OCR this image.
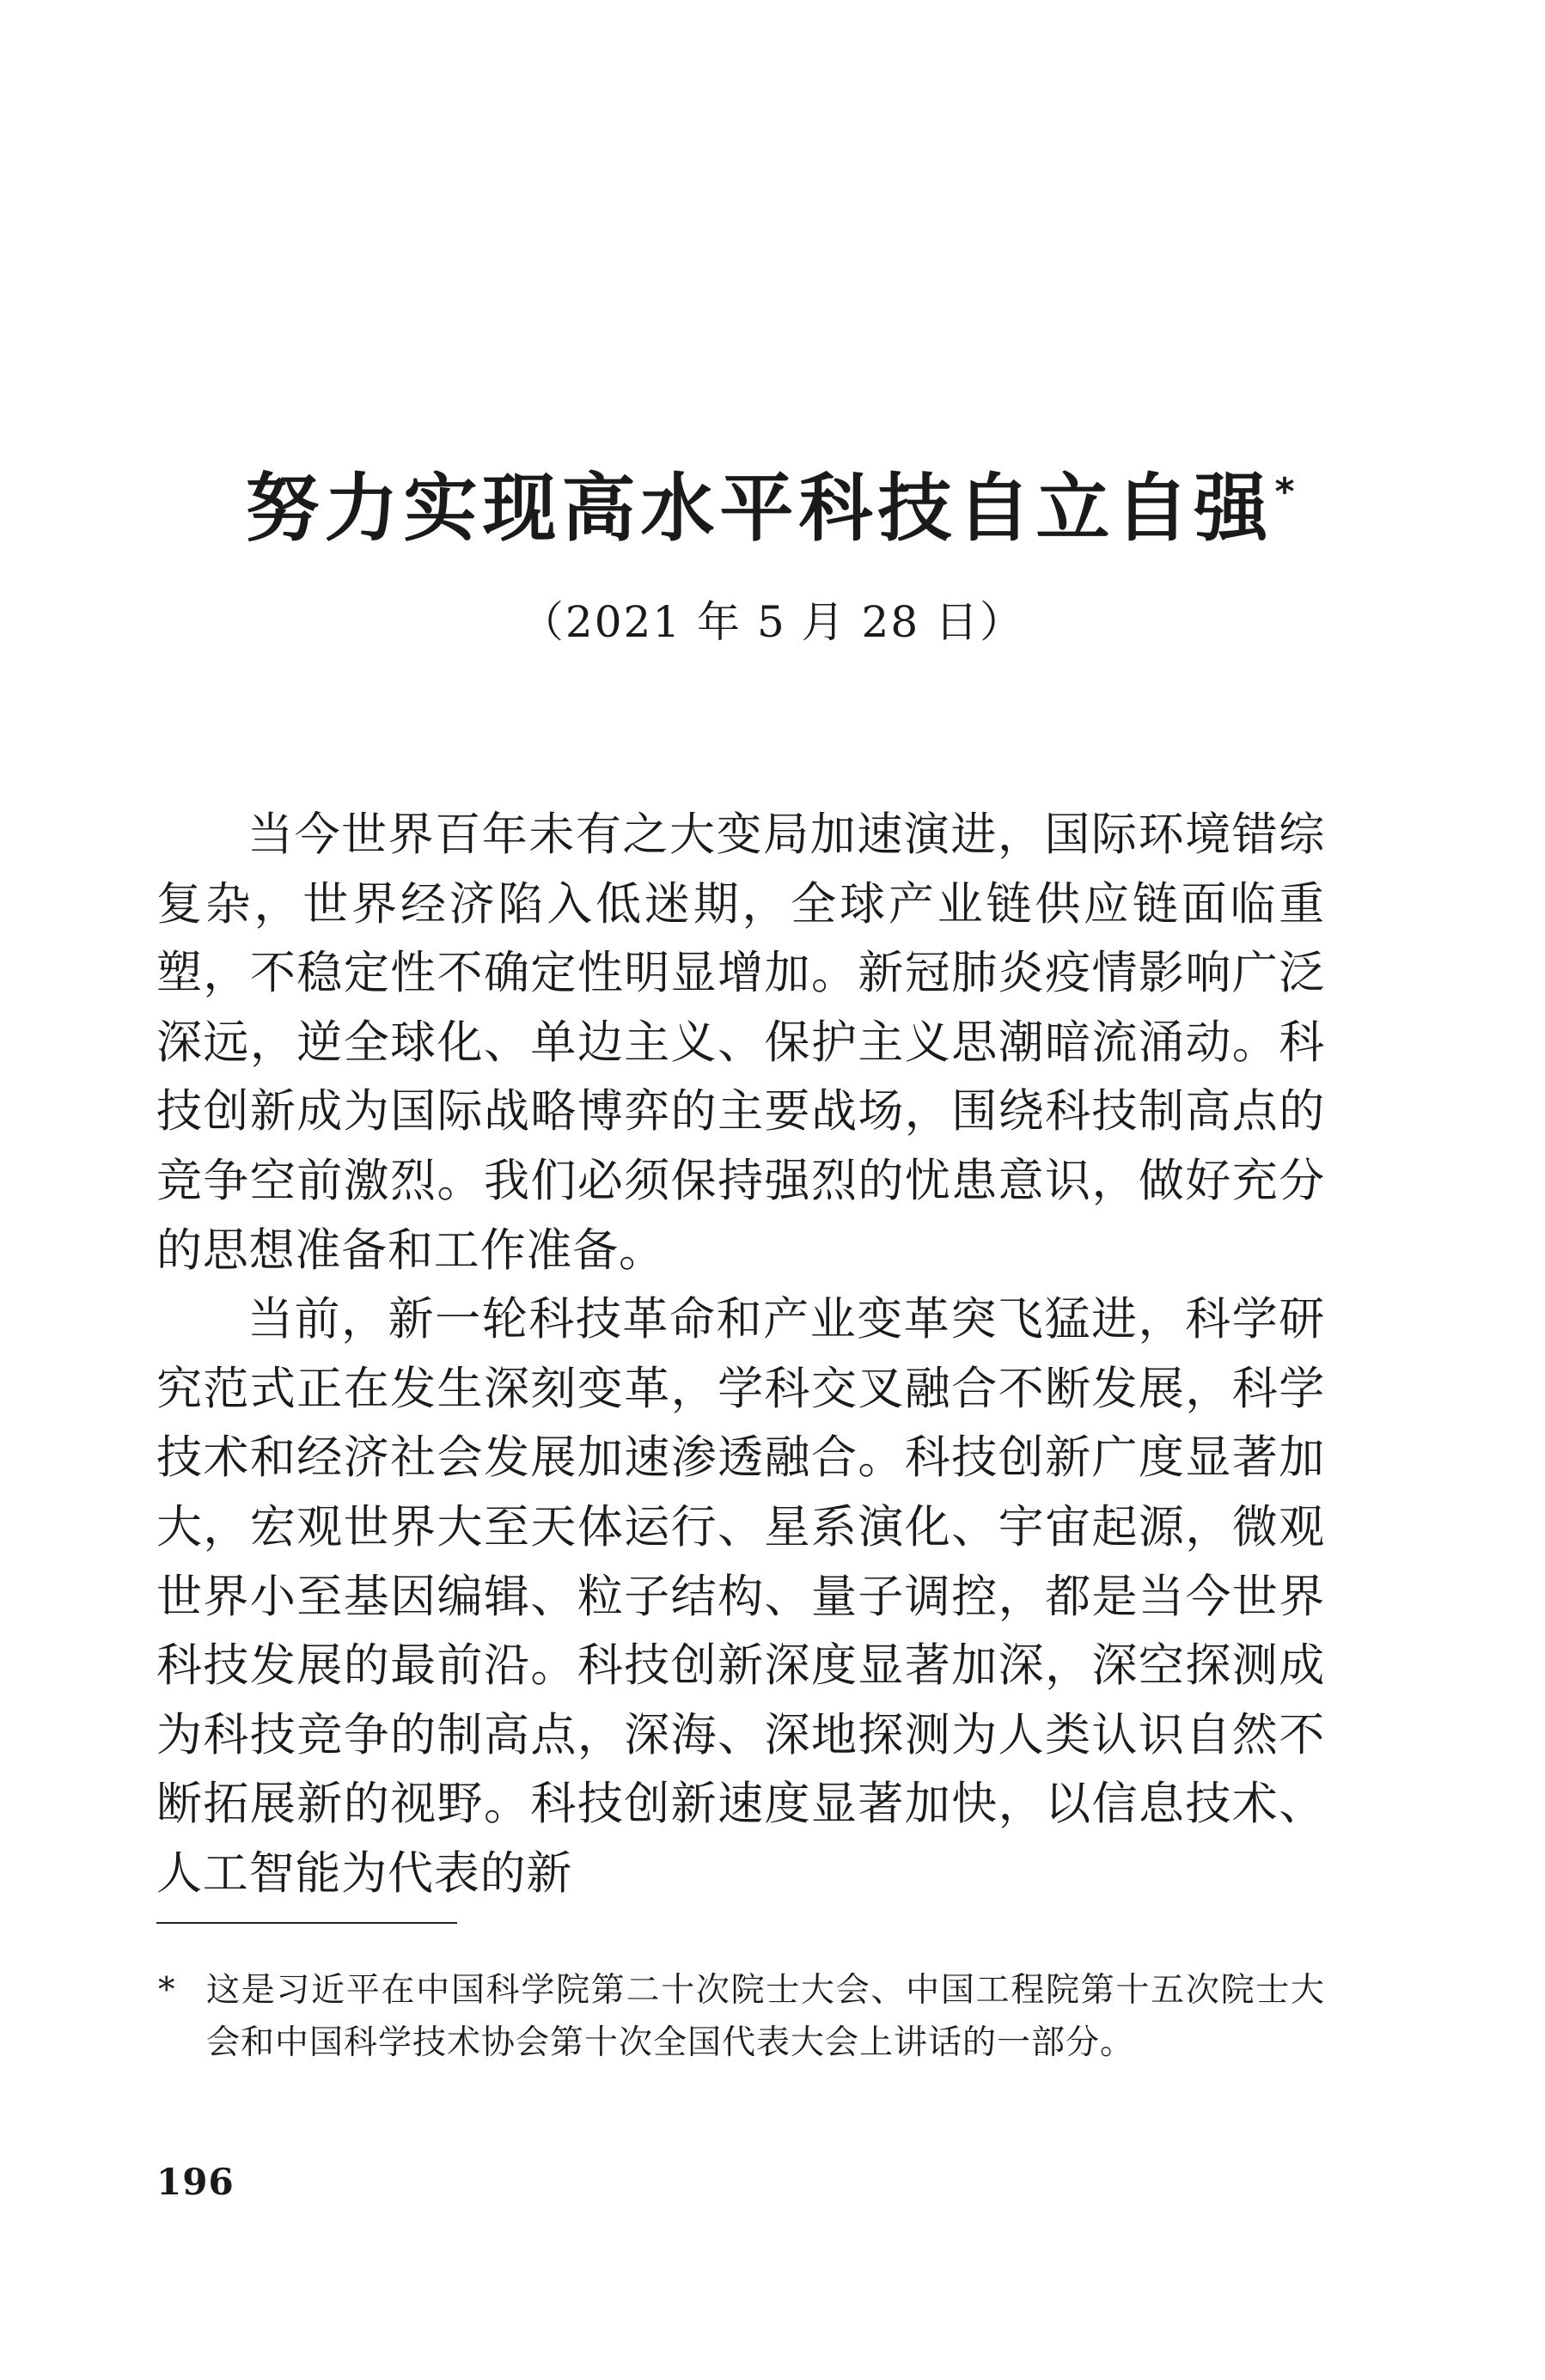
努力实现高水平科技自立自强*
（2021 年 5 月 28 日）

当今世界百年未有之大变局加速演进，国际环境错综复杂，世界经济陷入低迷期，全球产业链供应链面临重塑，不稳定性不确定性明显增加。新冠肺炎疫情影响广泛深远，逆全球化、单边主义、保护主义思潮暗流涌动。科技创新成为国际战略博弈的主要战场，围绕科技制高点的竞争空前激烈。我们必须保持强烈的忧患意识，做好充分的思想准备和工作准备。

当前，新一轮科技革命和产业变革突飞猛进，科学研究范式正在发生深刻变革，学科交叉融合不断发展，科学技术和经济社会发展加速渗透融合。科技创新广度显著加大，宏观世界大至天体运行、星系演化、宇宙起源，微观世界小至基因编辑、粒子结构、量子调控，都是当今世界科技发展的最前沿。科技创新深度显著加深，深空探测成为科技竞争的制高点，深海、深地探测为人类认识自然不断拓展新的视野。科技创新速度显著加快，以信息技术、人工智能为代表的新

* 这是习近平在中国科学院第二十次院士大会、中国工程院第十五次院士大会和中国科学技术协会第十次全国代表大会上讲话的一部分。
196
